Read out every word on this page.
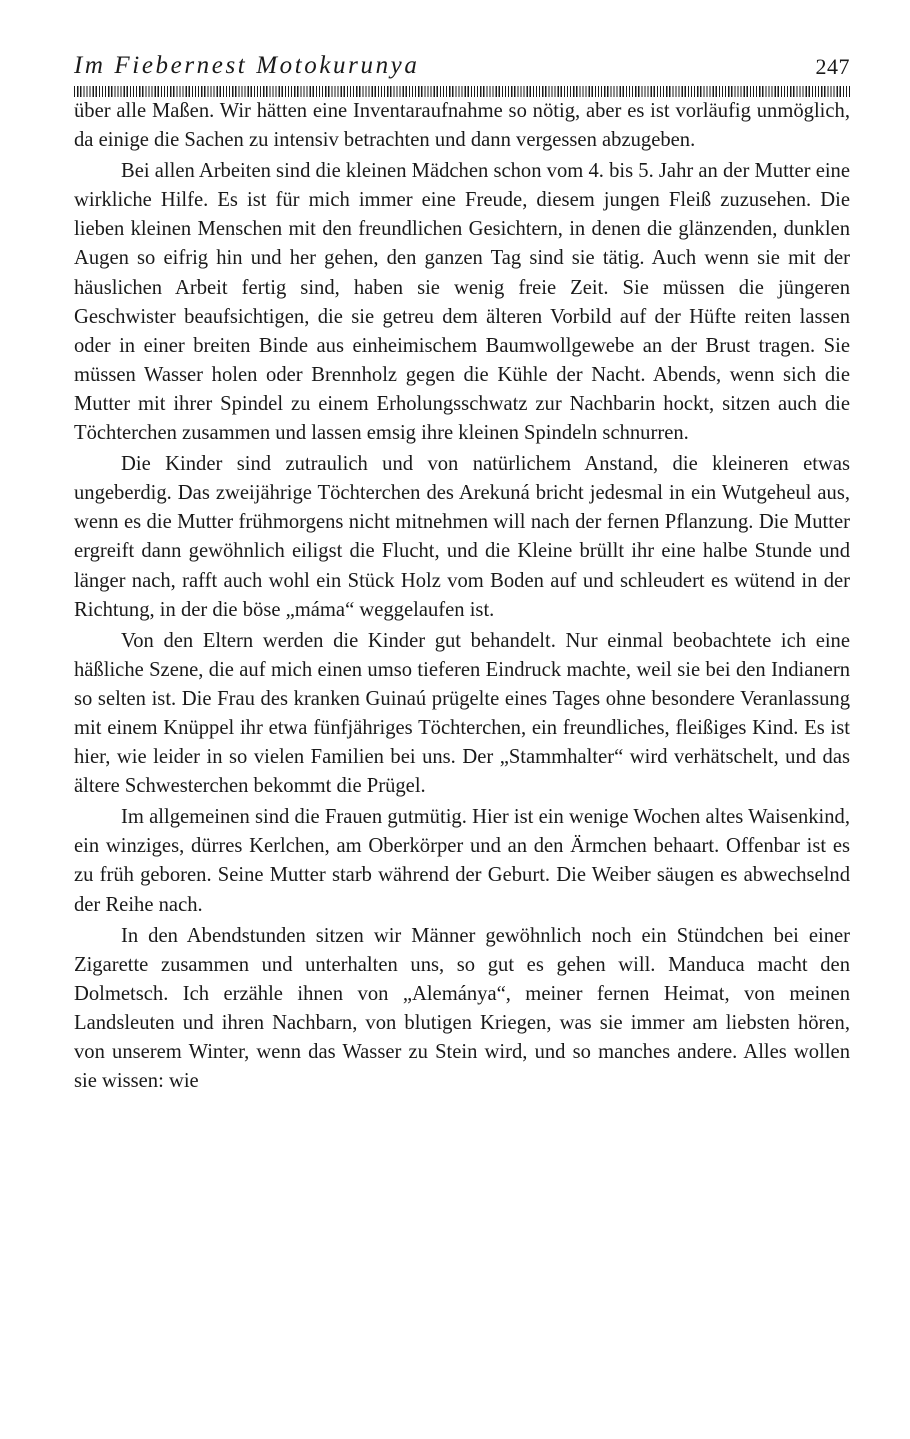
Im Fiebernest Motokurunya	247

über alle Maßen. Wir hätten eine Inventaraufnahme so nötig, aber es ist vorläufig unmöglich, da einige die Sachen zu intensiv betrachten und dann vergessen abzugeben.

Bei allen Arbeiten sind die kleinen Mädchen schon vom 4. bis 5. Jahr an der Mutter eine wirkliche Hilfe. Es ist für mich immer eine Freude, diesem jungen Fleiß zuzusehen. Die lieben kleinen Menschen mit den freundlichen Gesichtern, in denen die glänzenden, dunklen Augen so eifrig hin und her gehen, den ganzen Tag sind sie tätig. Auch wenn sie mit der häuslichen Arbeit fertig sind, haben sie wenig freie Zeit. Sie müssen die jüngeren Geschwister beaufsichtigen, die sie getreu dem älteren Vorbild auf der Hüfte reiten lassen oder in einer breiten Binde aus einheimischem Baumwollgewebe an der Brust tragen. Sie müssen Wasser holen oder Brennholz gegen die Kühle der Nacht. Abends, wenn sich die Mutter mit ihrer Spindel zu einem Erholungsschwatz zur Nachbarin hockt, sitzen auch die Töchterchen zusammen und lassen emsig ihre kleinen Spindeln schnurren.

Die Kinder sind zutraulich und von natürlichem Anstand, die kleineren etwas ungeberdig. Das zweijährige Töchterchen des Arekuná bricht jedesmal in ein Wutgeheul aus, wenn es die Mutter frühmorgens nicht mitnehmen will nach der fernen Pflanzung. Die Mutter ergreift dann gewöhnlich eiligst die Flucht, und die Kleine brüllt ihr eine halbe Stunde und länger nach, rafft auch wohl ein Stück Holz vom Boden auf und schleudert es wütend in der Richtung, in der die böse „máma“ weggelaufen ist.

Von den Eltern werden die Kinder gut behandelt. Nur einmal beobachtete ich eine häßliche Szene, die auf mich einen umso tieferen Eindruck machte, weil sie bei den Indianern so selten ist. Die Frau des kranken Guinaú prügelte eines Tages ohne besondere Veranlassung mit einem Knüppel ihr etwa fünfjähriges Töchterchen, ein freundliches, fleißiges Kind. Es ist hier, wie leider in so vielen Familien bei uns. Der „Stammhalter“ wird verhätschelt, und das ältere Schwesterchen bekommt die Prügel.

Im allgemeinen sind die Frauen gutmütig. Hier ist ein wenige Wochen altes Waisenkind, ein winziges, dürres Kerlchen, am Oberkörper und an den Ärmchen behaart. Offenbar ist es zu früh geboren. Seine Mutter starb während der Geburt. Die Weiber säugen es abwechselnd der Reihe nach.

In den Abendstunden sitzen wir Männer gewöhnlich noch ein Stündchen bei einer Zigarette zusammen und unterhalten uns, so gut es gehen will. Manduca macht den Dolmetsch. Ich erzähle ihnen von „Alemánya“, meiner fernen Heimat, von meinen Landsleuten und ihren Nachbarn, von blutigen Kriegen, was sie immer am liebsten hören, von unserem Winter, wenn das Wasser zu Stein wird, und so manches andere. Alles wollen sie wissen: wie
